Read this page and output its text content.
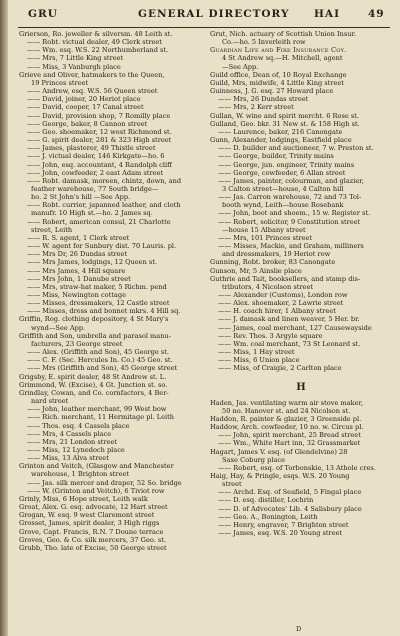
GRU	GENERAL DIRECTORY HAI	49
Grierson, Ro. jeweller & silversm. 48 Leith st.
—— Robt. victual dealer, 49 Clerk street
—— Wm. esq. W.S. 22 Northumberland st.
—— Mrs, 7 Little King street
—— Miss, 3 Vanburgh place
Grieve and Oliver, hatmakers to the Queen,
19 Princes street
—— Andrew, esq. W.S. 56 Queen street
—— David, joiner, 20 Heriot place
—— David, cooper, 17 Canal street
—— David, provision shop, 7 Romilly place
—— George, baker, 8 Cannon street
—— Geo. shoemaker, 12 west Richmond st.
—— G. spirit dealer, 281 & 323 High street
—— James, plasterer, 49 Thistle street
—— J. victual dealer, 146 Kirkgate—ho. 6
—— John, esq. accountant, 4 Randolph cliff
—— John, cowfeeder, 2 east Adam street
—— Robt. damask, moreen, chintz, down, and
feather warehouse, 77 South bridge—
ho. 2 St John's hill —See App.
—— Robt. currier, japanned leather, and cloth
manufr. 10 High st.—ho. 2 James sq.
—— Robert, american consul, 21 Charlotte
street, Leith
—— R. S. agent, 1 Clerk street
—— W. agent for Sunbury dist. 70 Lauris. pl.
—— Mrs Dr, 26 Dundas street
—— Mrs James, lodgings, 12 Queen st.
—— Mrs James, 4 Hill square
—— Mrs John, 1 Danube street
—— Mrs, straw-hat maker, 5 Richm. pend
—— Miss, Newington cottage
—— Misses, dressmakers, 12 Castle street
—— Misses, dress and bonnet mkrs. 4 Hill sq.
Griffin, Rog. clothing depository, 4 St Mary's
wynd—See App.
Griffith and Son, umbrella and parasol manu-
facturers, 23 George street
—— Alex. (Griffith and Son), 45 George st.
—— C. F. (Sec. Hercules In. Co.) 45 Geo. st.
—— Mrs (Griffith and Son), 45 George street
Grigsby, E. spirit dealer, 48 St Andrew st. L.
Grimmond, W. (Excise), 4 Gt. Junction st. so.
Grindlay, Cowan, and Co. cornfactors, 4 Ber-
nard street
—— John, leather merchant, 99 West bow
—— Rich. merchant, 11 Hermitage pl. Leith
—— Thos. esq. 4 Cassels place
—— Mrs, 4 Cassels place
—— Mrs, 21 London street
—— Miss, 12 Lynedoch place
—— Miss, 13 Alva street
Grinton and Veitch, (Glasgow and Manchester
warehouse, 1 Brighton street
—— Jas. silk mercer and draper, 52 So. bridge
—— W. (Grinton and Veitch), 6 Tiviot row
Grinly, Miss, 6 Hope street, Leith walk
Groat, Alex. G. esq. advocate, 12 Hart street
Grogan, W. esq. 9 west Claremont street
Grosset, James, spirit dealer, 3 High riggs
Grove, Capt. Francis, R.N. 7 Doune terrace
Groves, Geo. & Co. silk mercers, 37 Geo. st.
Grubb, Tho. late of Excise, 50 George street
Grut, Nich. actuary of Scottish Union Insur.
Co.—ho. 5 Inverleith row
Guardian Life and Fire Insurance Coy.
4 St Andrew sq.—H. Mitchell, agent
—See App.
Guild office, Dean of, 10 Royal Exchange
Guild, Mrs, midwife, 4 Little King street
Guinness, J. G. esq. 27 Howard place
—— Mrs, 26 Dundas street
—— Mrs, 2 Kerr street
Gullan, W. wine and spirit mercht. 6 Rose st.
Gulland, Geo. bkr. 31 New st. & 158 High st.
—— Laurence, baker, 216 Canongate
Gunn, Alexander, lodgings, Eastfield place
—— D. builder and auctioneer, 7 w. Preston st.
—— George, builder, Trinity mains
—— George, jun. engineer, Trinity mains
—— George, cowfeeder, 6 Allan street
—— James, painter, colourman, and glazier,
3 Calton street—house, 4 Calton hill
—— Jas. Carron warehouse, 72 and 73 Tol-
booth wynd, Leith—house Rosebank
—— John, boot and shoem., 15 w. Register st.
—— Robert, solicitor, 9 Constitution street
—house 15 Albany street
—— Mrs, 101 Princes street
—— Misses, Mackie, and Graham, milliners
and dressmakers, 19 Heriot row
Gunning, Robt. broker, 83 Canongate
Gunson, Mr, 5 Ainslie place
Guthrie and Tait, booksellers, and stamp dis-
tributors, 4 Nicolson street
—— Alexander (Customs), London row
—— Alex. shoemaker, 2 Lawrie street
—— H. coach hirer, 1 Albany street
—— J. damask and linen weaver, 5 Her. br.
—— James, coal merchant, 127 Causewayside
—— Rev. Thos. 3 Argyle square
—— Wm. coal merchant, 73 St Leonard st.
—— Miss, 1 Hay street
—— Miss, 6 Union place
—— Miss, of Craigie, 2 Carlton place
H
Haden, Jas. ventilating warm air stove maker,
50 no. Hanover st. and 24 Nicolson st.
Haddon, R. painter & glazier, 3 Greenside pl.
Haddow, Arch. cowfeeder, 10 no. w. Circus pl.
—— John, spirit merchant, 25 Bread street
—— Wm., White Hart inn, 32 Grassmarket
Hagart, James V. esq. (of Glendelvine) 28
Saxe Coburg place
—— Robert, esq. of Torbonskie, 13 Athole cres.
Haig, Hay, & Pringle, esqs. W.S. 20 Young
street
—— Archd. Esq. of Seafield, 5 Fingal place
—— D. esq. distiller, Lochrin
—— D. of Advocates' Lib. 4 Salisbury place
—— Geo. A., Bonington, Leith
—— Henry, engraver, 7 Brighton street
—— James, esq. W.S. 20 Young street
D
